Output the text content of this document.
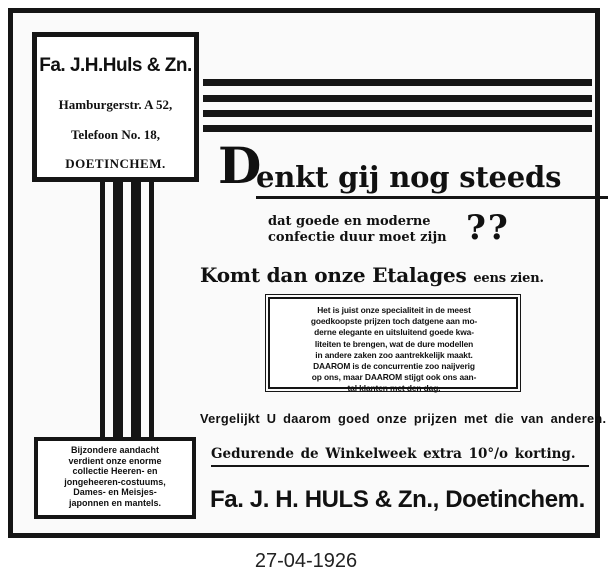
Fa. J.H.Huls & Zn.
Hamburgerstr. A 52,
Telefoon No. 18,
DOETINCHEM.	D
enkt gij nog steeds
dat goede en moderne
confectie duur moet zijn ??
Komt dan onze Etalages eens zien.

Het is juist onze specialiteit in de meest

goedkoopste prijzen toch datgene aan mo-

derne elegante en uitsluitend goede kwa-

liteiten te brengen, wat de dure modellen

in andere zaken zoo aantrekkelijk maakt.

DAAROM is de concurrentie zoo naijverig

op ons, maar DAAROM stijgt ook ons aan-

tal klanten met den dag.

Vergelijkt U daarom goed onze prijzen met die van anderen.
Gedurende de Winkelweek extra 10°/o korting.
Fa. J. H. HULS & Zn., Doetinchem.

Bijzondere aandacht

verdient onze enorme

collectie Heeren- en

jongeheeren-costuums,

Dames- en Meisjes-

japonnen en mantels.

27-04-1926
